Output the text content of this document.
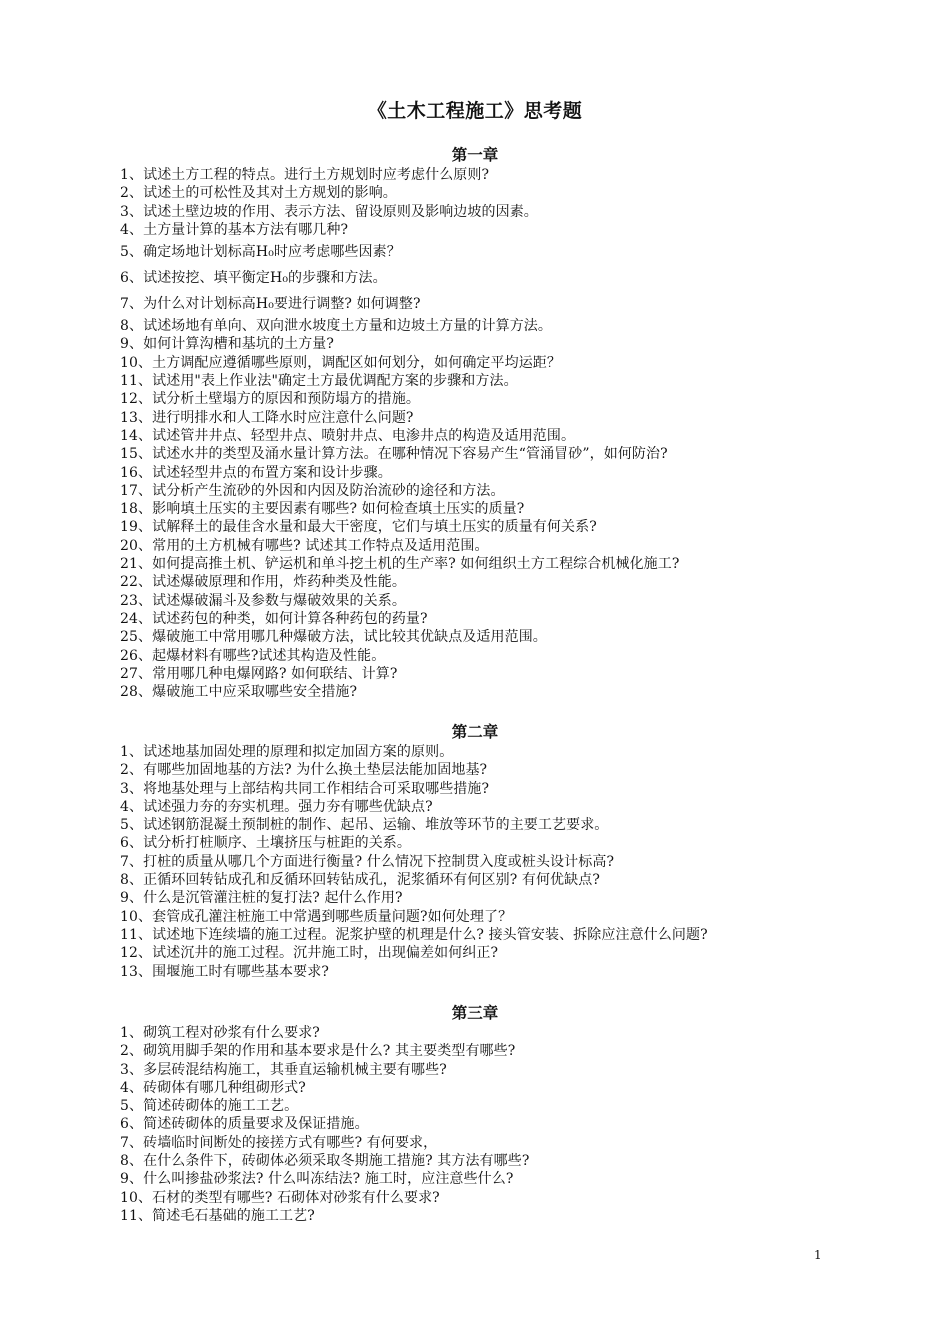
《土木工程施工》思考题
第一章
1、试述土方工程的特点。进行土方规划时应考虑什么原则?
2、试述土的可松性及其对土方规划的影响。
3、试述土壁边坡的作用、表示方法、留设原则及影响边坡的因素。
4、土方量计算的基本方法有哪几种?
5、确定场地计划标高H₀时应考虑哪些因素？
6、试述按挖、填平衡定H₀的步骤和方法。
7、为什么对计划标高H₀要进行调整? 如何调整?
8、试述场地有单向、双向泄水坡度土方量和边坡土方量的计算方法。
9、如何计算沟槽和基坑的土方量?
10、土方调配应遵循哪些原则，调配区如何划分，如何确定平均运距？
11、试述用"表上作业法"确定土方最优调配方案的步骤和方法。
12、试分析土壁塌方的原因和预防塌方的措施。
13、进行明排水和人工降水时应注意什么问题?
14、试述管井井点、轻型井点、喷射井点、电渗井点的构造及适用范围。
15、试述水井的类型及涌水量计算方法。在哪种情况下容易产生“管涌冒砂”，如何防治?
16、试述轻型井点的布置方案和设计步骤。
17、试分析产生流砂的外因和内因及防治流砂的途径和方法。
18、影响填土压实的主要因素有哪些? 如何检查填土压实的质量?
19、试解释土的最佳含水量和最大干密度，它们与填土压实的质量有何关系?
20、常用的土方机械有哪些? 试述其工作特点及适用范围。
21、如何提高推土机、铲运机和单斗挖土机的生产率? 如何组织土方工程综合机械化施工?
22、试述爆破原理和作用，炸药种类及性能。
23、试述爆破漏斗及参数与爆破效果的关系。
24、试述药包的种类，如何计算各种药包的药量?
25、爆破施工中常用哪几种爆破方法，试比较其优缺点及适用范围。
26、起爆材料有哪些?试述其构造及性能。
27、常用哪几种电爆网路? 如何联结、计算?
28、爆破施工中应采取哪些安全措施?
第二章
1、试述地基加固处理的原理和拟定加固方案的原则。
2、有哪些加固地基的方法? 为什么换土垫层法能加固地基?
3、将地基处理与上部结构共同工作相结合可采取哪些措施?
4、试述强力夯的夯实机理。强力夯有哪些优缺点?
5、试述钢筋混凝土预制桩的制作、起吊、运输、堆放等环节的主要工艺要求。
6、试分析打桩顺序、土壤挤压与桩距的关系。
7、打桩的质量从哪几个方面进行衡量? 什么情况下控制贯入度或桩头设计标高?
8、正循环回转钻成孔和反循环回转钻成孔，泥浆循环有何区别? 有何优缺点?
9、什么是沉管灌注桩的复打法? 起什么作用?
10、套管成孔灌注桩施工中常遇到哪些质量问题?如何处理了？
11、试述地下连续墙的施工过程。泥浆护壁的机理是什么? 接头管安装、拆除应注意什么问题?
12、试述沉井的施工过程。沉井施工时，出现偏差如何纠正?
13、围堰施工时有哪些基本要求?
第三章
1、砌筑工程对砂浆有什么要求?
2、砌筑用脚手架的作用和基本要求是什么? 其主要类型有哪些?
3、多层砖混结构施工，其垂直运输机械主要有哪些?
4、砖砌体有哪几种组砌形式?
5、简述砖砌体的施工工艺。
6、简述砖砌体的质量要求及保证措施。
7、砖墙临时间断处的接搓方式有哪些? 有何要求，
8、在什么条件下，砖砌体必须采取冬期施工措施? 其方法有哪些?
9、什么叫掺盐砂浆法? 什么叫冻结法? 施工时，应注意些什么?
10、石材的类型有哪些? 石砌体对砂浆有什么要求?
11、简述毛石基础的施工工艺?

1
